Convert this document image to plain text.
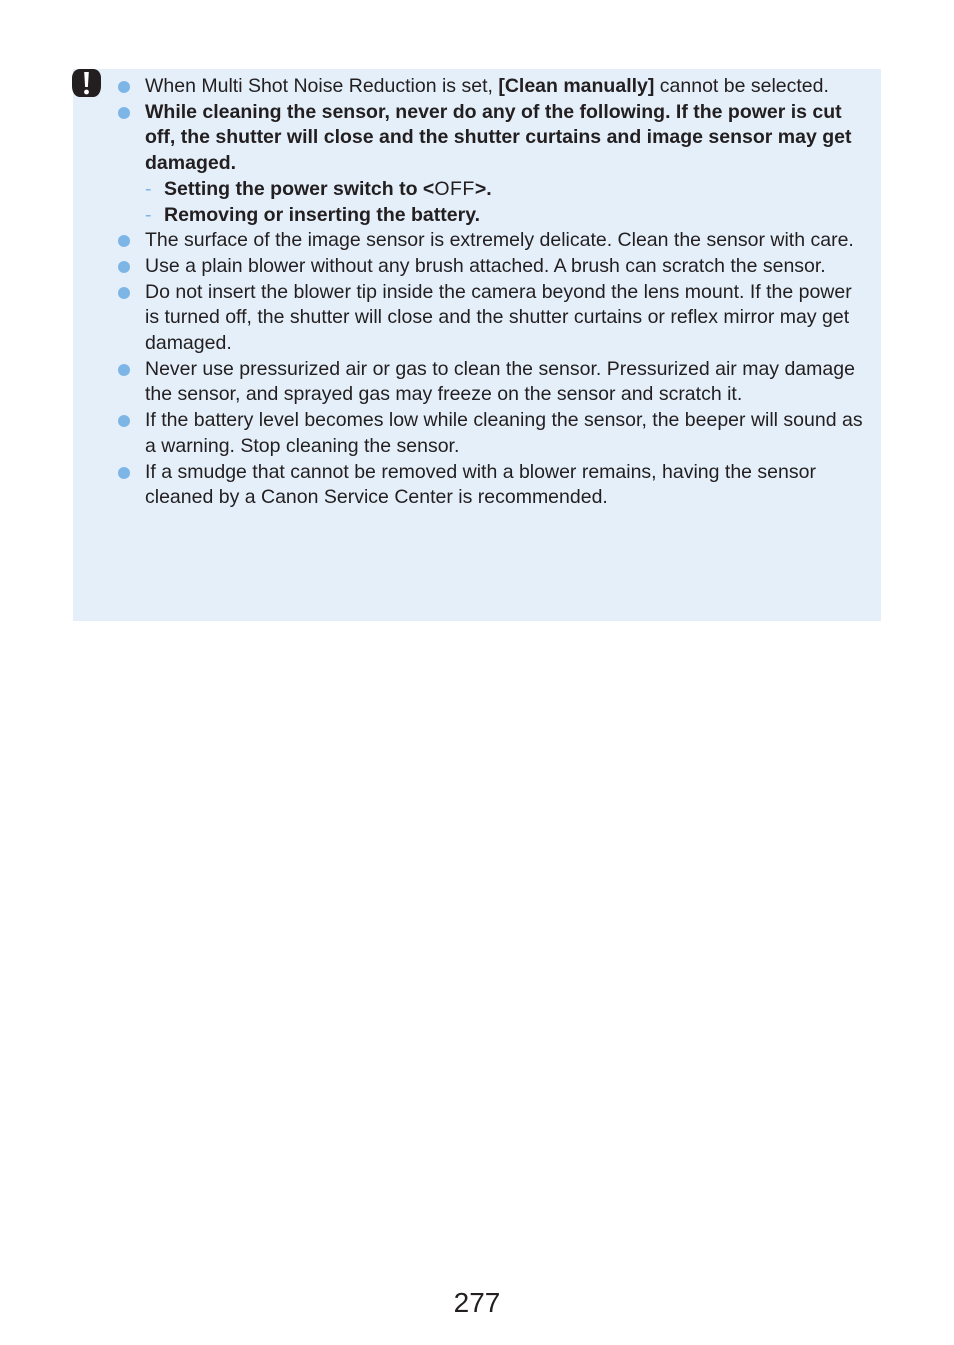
When Multi Shot Noise Reduction is set, [Clean manually] cannot be selected.
While cleaning the sensor, never do any of the following. If the power is cut off, the shutter will close and the shutter curtains and image sensor may get damaged.
- Setting the power switch to <OFF>.
- Removing or inserting the battery.
The surface of the image sensor is extremely delicate. Clean the sensor with care.
Use a plain blower without any brush attached. A brush can scratch the sensor.
Do not insert the blower tip inside the camera beyond the lens mount. If the power is turned off, the shutter will close and the shutter curtains or reflex mirror may get damaged.
Never use pressurized air or gas to clean the sensor. Pressurized air may damage the sensor, and sprayed gas may freeze on the sensor and scratch it.
If the battery level becomes low while cleaning the sensor, the beeper will sound as a warning. Stop cleaning the sensor.
If a smudge that cannot be removed with a blower remains, having the sensor cleaned by a Canon Service Center is recommended.
277
